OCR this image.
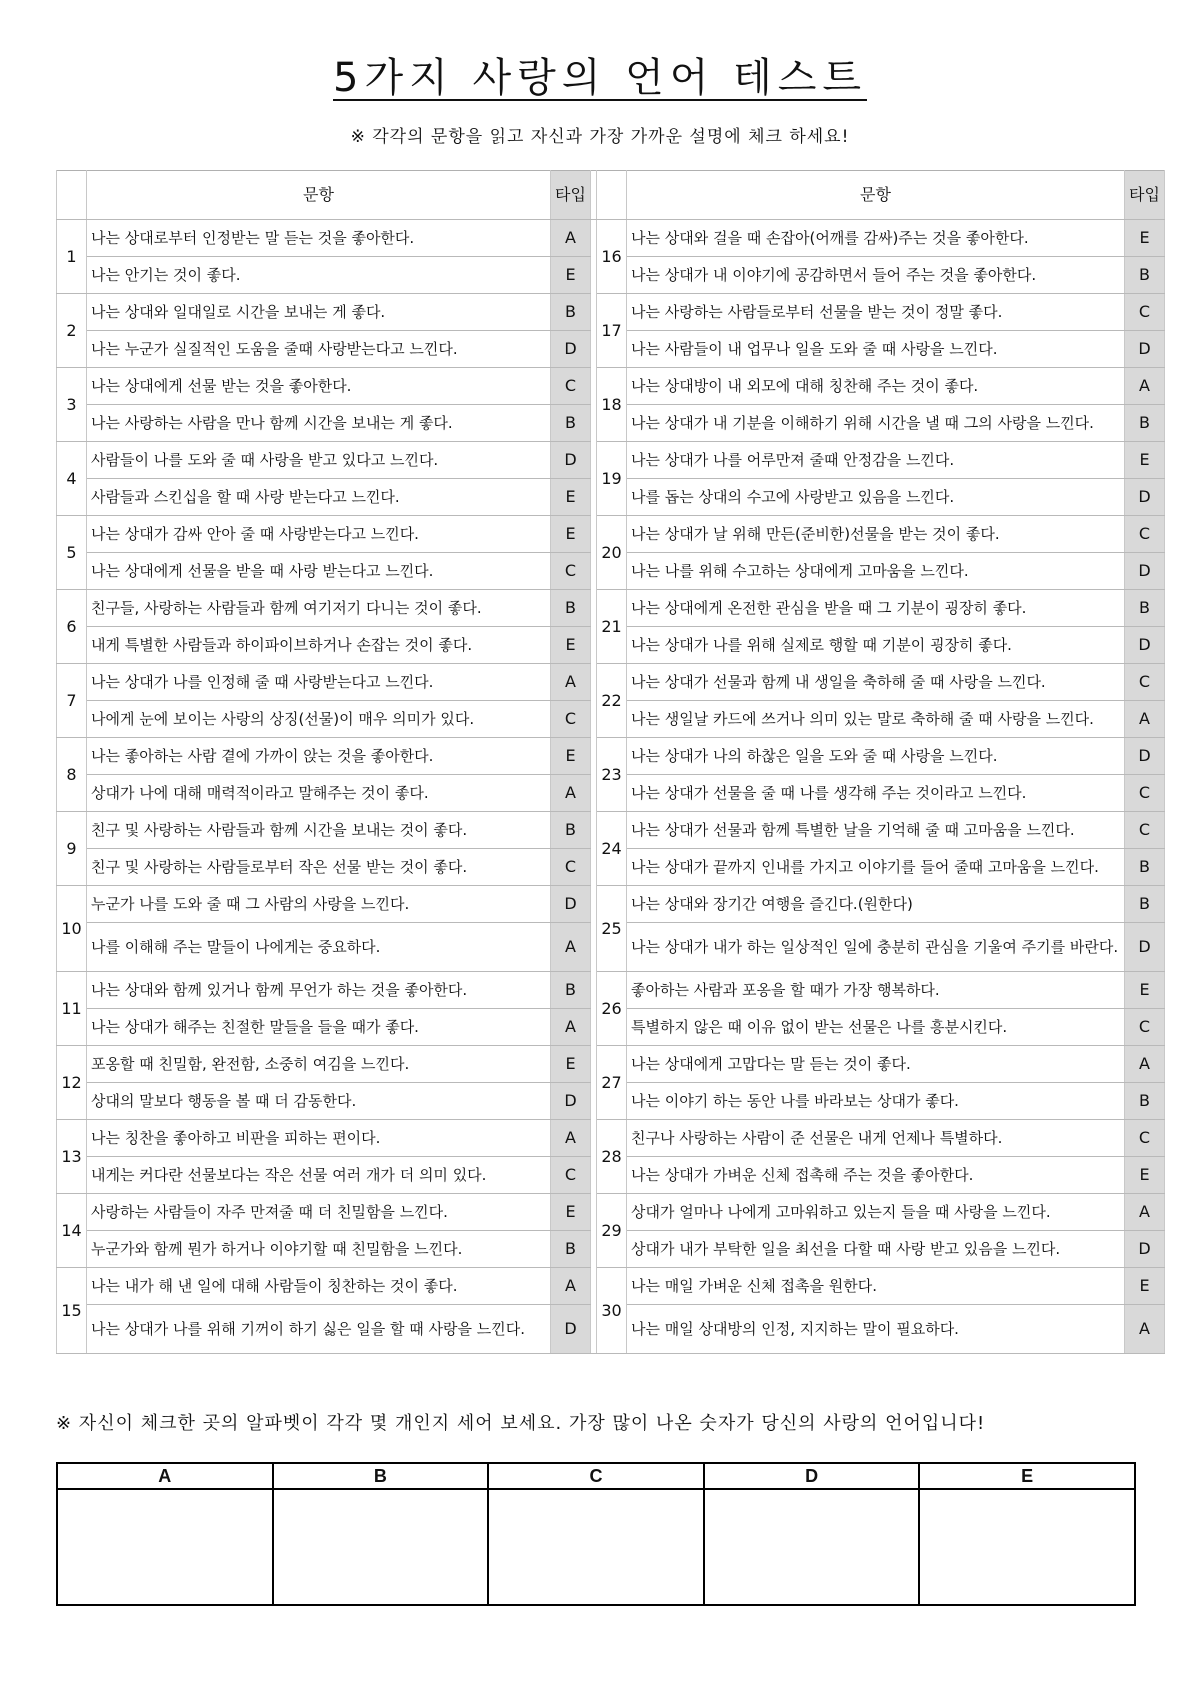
5가지 사랑의 언어 테스트
※ 각각의 문항을 읽고 자신과 가장 가까운 설명에 체크 하세요!
	문항	타입			문항	타입
1	나는 상대로부터 인정받는 말 듣는 것을 좋아한다.	A		16	나는 상대와 걸을 때 손잡아(어깨를 감싸)주는 것을 좋아한다.	E
	나는 안기는 것이 좋다.	E			나는 상대가 내 이야기에 공감하면서 들어 주는 것을 좋아한다.	B
2	나는 상대와 일대일로 시간을 보내는 게 좋다.	B		17	나는 사랑하는 사람들로부터 선물을 받는 것이 정말 좋다.	C
	나는 누군가 실질적인 도움을 줄때 사랑받는다고 느낀다.	D			나는 사람들이 내 업무나 일을 도와 줄 때 사랑을 느낀다.	D
3	나는 상대에게 선물 받는 것을 좋아한다.	C		18	나는 상대방이 내 외모에 대해 칭찬해 주는 것이 좋다.	A
	나는 사랑하는 사람을 만나 함께 시간을 보내는 게 좋다.	B			나는 상대가 내 기분을 이해하기 위해 시간을 낼 때 그의 사랑을 느낀다.	B
4	사람들이 나를 도와 줄 때 사랑을 받고 있다고 느낀다.	D		19	나는 상대가 나를 어루만져 줄때 안정감을 느낀다.	E
	사람들과 스킨십을 할 때 사랑 받는다고 느낀다.	E			나를 돕는 상대의 수고에 사랑받고 있음을 느낀다.	D
5	나는 상대가 감싸 안아 줄 때 사랑받는다고 느낀다.	E		20	나는 상대가 날 위해 만든(준비한)선물을 받는 것이 좋다.	C
	나는 상대에게 선물을 받을 때 사랑 받는다고 느낀다.	C			나는 나를 위해 수고하는 상대에게 고마움을 느낀다.	D
6	친구들, 사랑하는 사람들과 함께 여기저기 다니는 것이 좋다.	B		21	나는 상대에게 온전한 관심을 받을 때 그 기분이 굉장히 좋다.	B
	내게 특별한 사람들과 하이파이브하거나 손잡는 것이 좋다.	E			나는 상대가 나를 위해 실제로 행할 때 기분이 굉장히 좋다.	D
7	나는 상대가 나를 인정해 줄 때 사랑받는다고 느낀다.	A		22	나는 상대가 선물과 함께 내 생일을 축하해 줄 때 사랑을 느낀다.	C
	나에게 눈에 보이는 사랑의 상징(선물)이 매우 의미가 있다.	C			나는 생일날 카드에 쓰거나 의미 있는 말로 축하해 줄 때 사랑을 느낀다.	A
8	나는 좋아하는 사람 곁에 가까이 앉는 것을 좋아한다.	E		23	나는 상대가 나의 하찮은 일을 도와 줄 때 사랑을 느낀다.	D
	상대가 나에 대해 매력적이라고 말해주는 것이 좋다.	A			나는 상대가 선물을 줄 때 나를 생각해 주는 것이라고 느낀다.	C
9	친구 및 사랑하는 사람들과 함께 시간을 보내는 것이 좋다.	B		24	나는 상대가 선물과 함께 특별한 날을 기억해 줄 때 고마움을 느낀다.	C
	친구 및 사랑하는 사람들로부터 작은 선물 받는 것이 좋다.	C			나는 상대가 끝까지 인내를 가지고 이야기를 들어 줄때 고마움을 느낀다.	B
10	누군가 나를 도와 줄 때 그 사람의 사랑을 느낀다.	D		25	나는 상대와 장기간 여행을 즐긴다.(원한다)	B
	나를 이해해 주는 말들이 나에게는 중요하다.	A			나는 상대가 내가 하는 일상적인 일에 충분히 관심을 기울여 주기를 바란다.	D
11	나는 상대와 함께 있거나 함께 무언가 하는 것을 좋아한다.	B		26	좋아하는 사람과 포옹을 할 때가 가장 행복하다.	E
	나는 상대가 해주는 친절한 말들을 들을 때가 좋다.	A			특별하지 않은 때 이유 없이 받는 선물은 나를 흥분시킨다.	C
12	포옹할 때 친밀함, 완전함, 소중히 여김을 느낀다.	E		27	나는 상대에게 고맙다는 말 듣는 것이 좋다.	A
	상대의 말보다 행동을 볼 때 더 감동한다.	D			나는 이야기 하는 동안 나를 바라보는 상대가 좋다.	B
13	나는 칭찬을 좋아하고 비판을 피하는 편이다.	A		28	친구나 사랑하는 사람이 준 선물은 내게 언제나 특별하다.	C
	내게는 커다란 선물보다는 작은 선물 여러 개가 더 의미 있다.	C			나는 상대가 가벼운 신체 접촉해 주는 것을 좋아한다.	E
14	사랑하는 사람들이 자주 만져줄 때 더 친밀함을 느낀다.	E		29	상대가 얼마나 나에게 고마워하고 있는지 들을 때 사랑을 느낀다.	A
	누군가와 함께 뭔가 하거나 이야기할 때 친밀함을 느낀다.	B			상대가 내가 부탁한 일을 최선을 다할 때 사랑 받고 있음을 느낀다.	D
15	나는 내가 해 낸 일에 대해 사람들이 칭찬하는 것이 좋다.	A		30	나는 매일 가벼운 신체 접촉을 원한다.	E
	나는 상대가 나를 위해 기꺼이 하기 싫은 일을 할 때 사랑을 느낀다.	D			나는 매일 상대방의 인정, 지지하는 말이 필요하다.	A
※ 자신이 체크한 곳의 알파벳이 각각 몇 개인지 세어 보세요. 가장 많이 나온 숫자가 당신의 사랑의 언어입니다!
A	B	C	D	E
